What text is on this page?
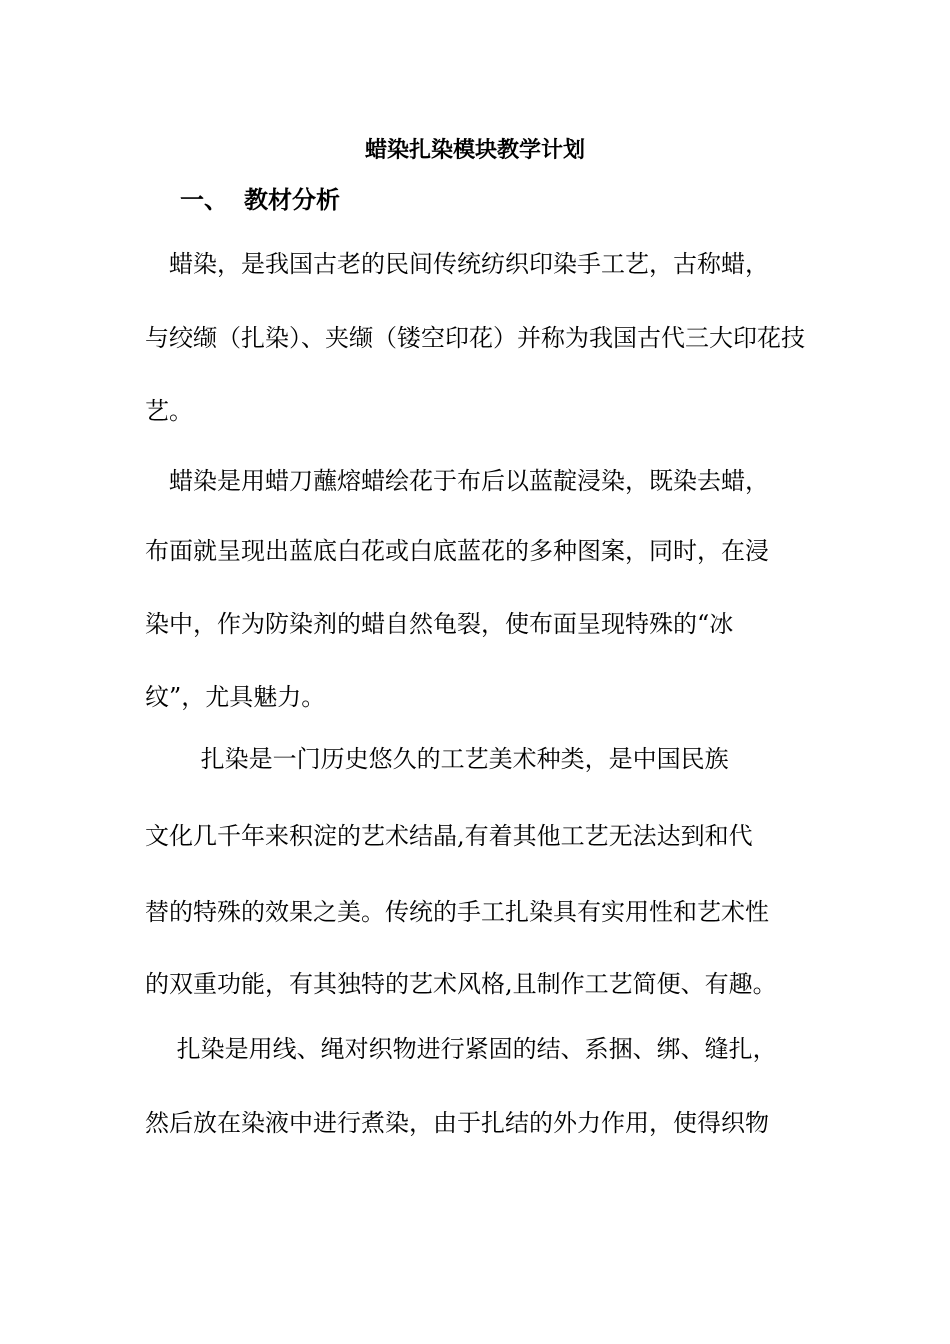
蜡染扎染模块教学计划
一、 教材分析
　蜡染，是我国古老的民间传统纺织印染手工艺，古称蜡，
与绞缬（扎染）、夹缬（镂空印花）并称为我国古代三大印花技
艺。
　蜡染是用蜡刀蘸熔蜡绘花于布后以蓝靛浸染，既染去蜡，
布面就呈现出蓝底白花或白底蓝花的多种图案，同时，在浸
染中，作为防染剂的蜡自然龟裂，使布面呈现特殊的“冰
纹”，尤具魅力。
　　 扎染是一门历史悠久的工艺美术种类，是中国民族
文化几千年来积淀的艺术结晶,有着其他工艺无法达到和代
替的特殊的效果之美。传统的手工扎染具有实用性和艺术性
的双重功能，有其独特的艺术风格,且制作工艺简便、有趣。
　 扎染是用线、绳对织物进行紧固的结、系捆、绑、缝扎，
然后放在染液中进行煮染，由于扎结的外力作用，使得织物
